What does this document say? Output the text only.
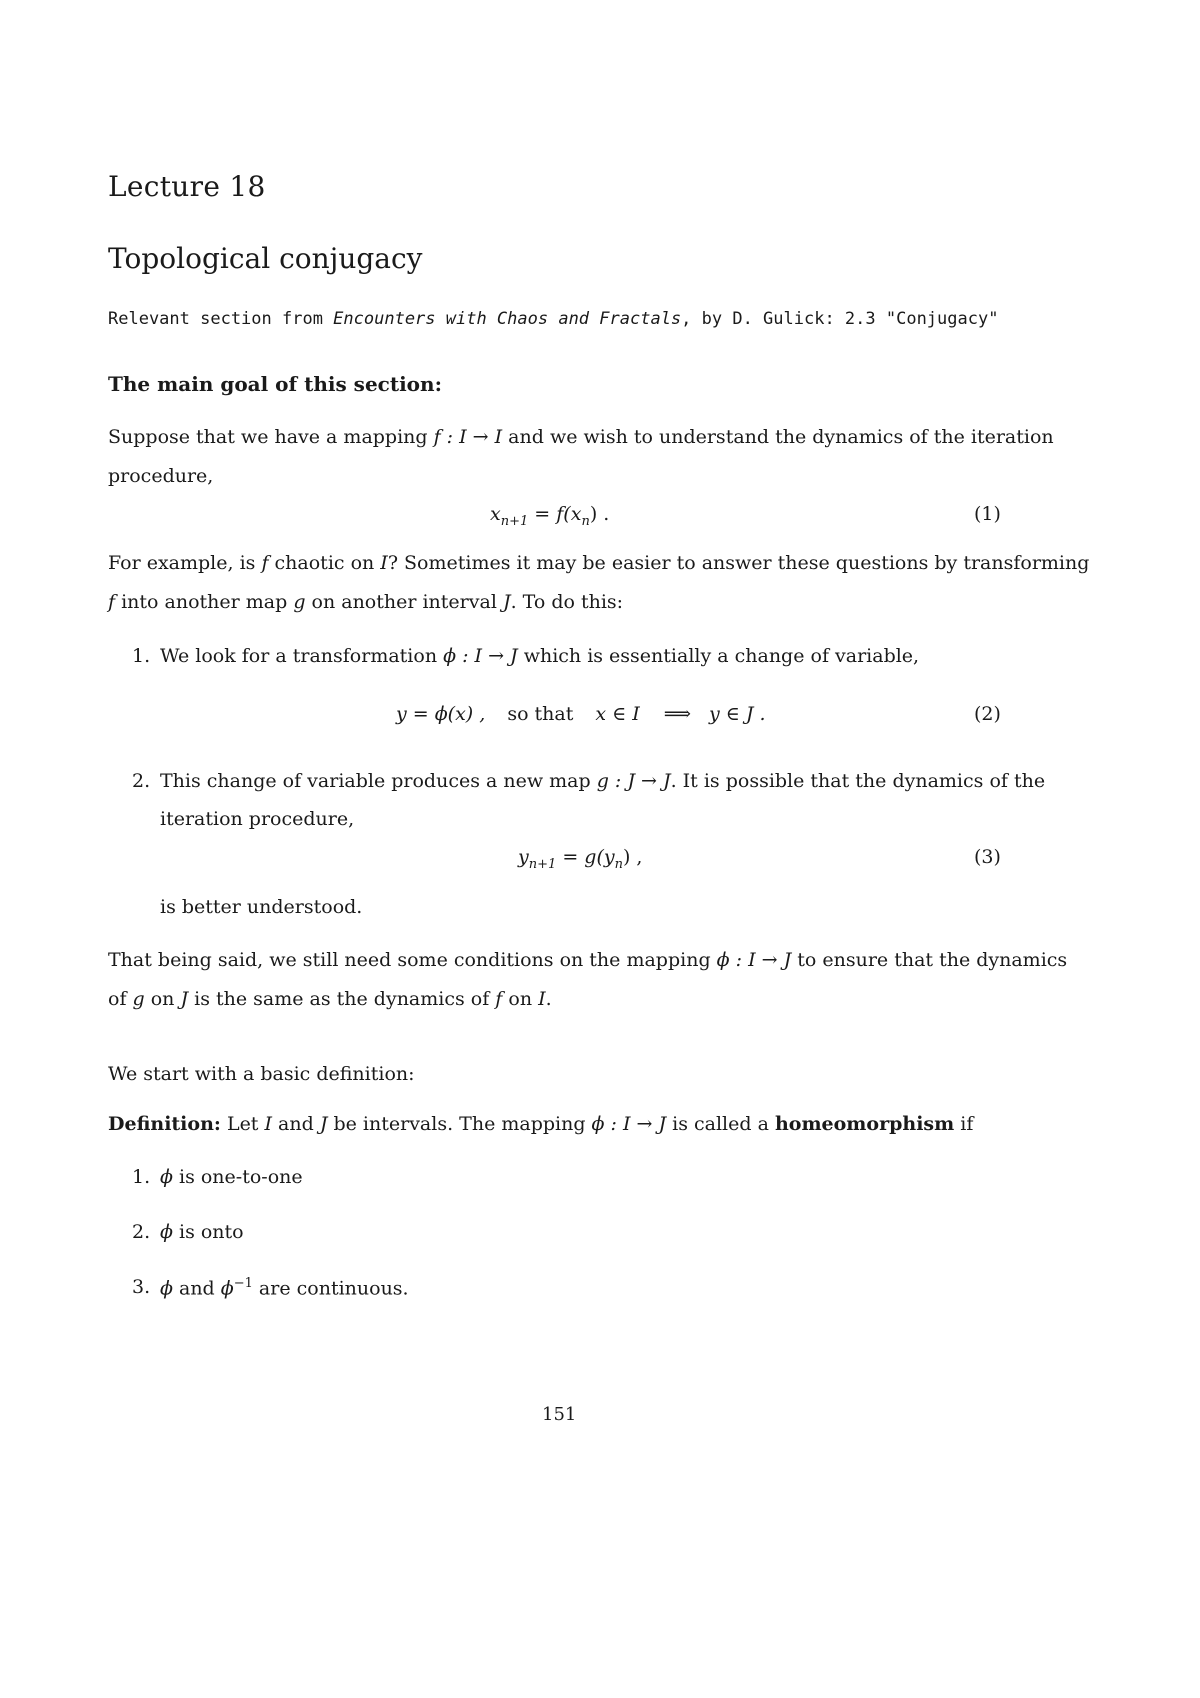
Lecture 18
Topological conjugacy
Relevant section from Encounters with Chaos and Fractals, by D. Gulick: 2.3 "Conjugacy"
The main goal of this section:
Suppose that we have a mapping f : I → I and we wish to understand the dynamics of the iteration
procedure,
$x_{n+1} = f(x_n)$ .	(1)
For example, is f chaotic on I? Sometimes it may be easier to answer these questions by transforming
f into another map g on another interval J. To do this:
1. We look for a transformation ϕ : I → J which is essentially a change of variable,
y = ϕ(x) , so that x ∈ I ⟹ y ∈ J .	(2)
2. This change of variable produces a new map g : J → J. It is possible that the dynamics of the
iteration procedure,
$y_{n+1} = g(y_n)$ ,	(3)
is better understood.
That being said, we still need some conditions on the mapping ϕ : I → J to ensure that the dynamics
of g on J is the same as the dynamics of f on I.
We start with a basic definition:
Definition: Let I and J be intervals. The mapping ϕ : I → J is called a homeomorphism if
1. ϕ is one-to-one
2. ϕ is onto
3. ϕ and $\phi^{-1}$ are continuous.
151
